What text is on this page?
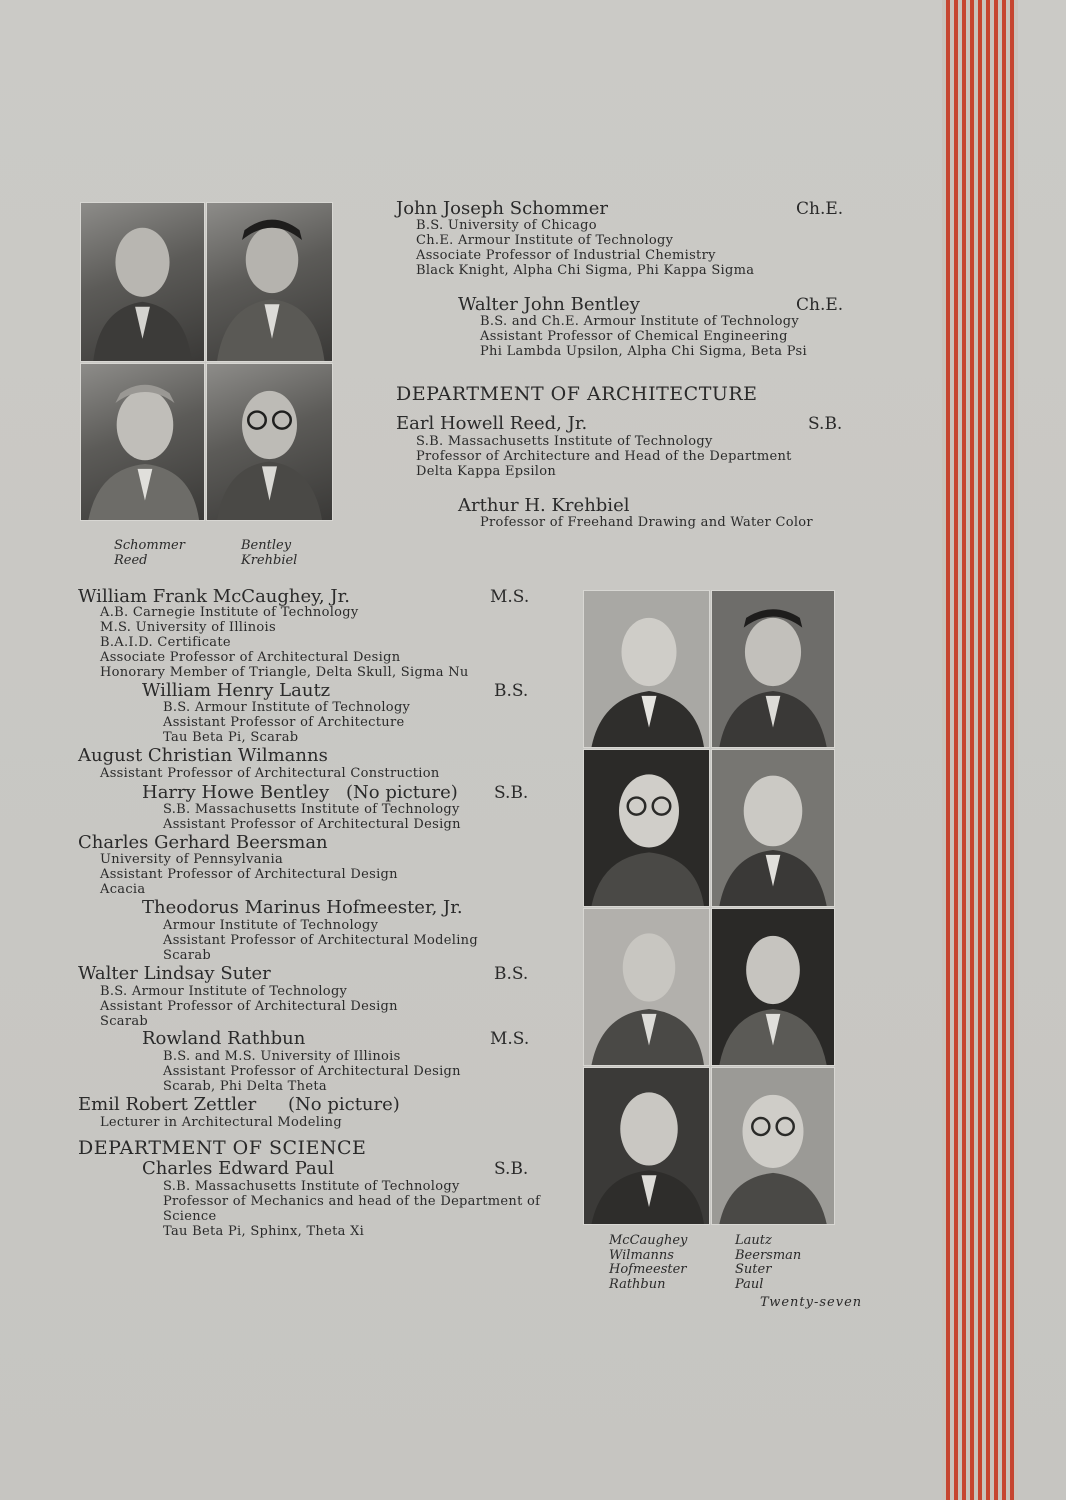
Schommer
Reed
Bentley
Krehbiel
John Joseph Schommer	Ch.E.
B.S. University of Chicago
Ch.E. Armour Institute of Technology
Associate Professor of Industrial Chemistry
Black Knight, Alpha Chi Sigma, Phi Kappa Sigma
Walter John Bentley	Ch.E.
B.S. and Ch.E. Armour Institute of Technology
Assistant Professor of Chemical Engineering
Phi Lambda Upsilon, Alpha Chi Sigma, Beta Psi
DEPARTMENT OF ARCHITECTURE
Earl Howell Reed, Jr.	S.B.
S.B. Massachusetts Institute of Technology
Professor of Architecture and Head of the Department
Delta Kappa Epsilon
Arthur H. Krehbiel
Professor of Freehand Drawing and Water Color
William Frank McCaughey, Jr.	M.S.
A.B. Carnegie Institute of Technology
M.S. University of Illinois
B.A.I.D. Certificate
Associate Professor of Architectural Design
Honorary Member of Triangle, Delta Skull, Sigma Nu
William Henry Lautz	B.S.
B.S. Armour Institute of Technology
Assistant Professor of Architecture
Tau Beta Pi, Scarab
August Christian Wilmanns
Assistant Professor of Architectural Construction
Harry Howe Bentley (No picture) S.B.
S.B. Massachusetts Institute of Technology
Assistant Professor of Architectural Design
Charles Gerhard Beersman
University of Pennsylvania
Assistant Professor of Architectural Design
Acacia
Theodorus Marinus Hofmeester, Jr.
Armour Institute of Technology
Assistant Professor of Architectural Modeling
Scarab
Walter Lindsay Suter	B.S.
B.S. Armour Institute of Technology
Assistant Professor of Architectural Design
Scarab
Rowland Rathbun	M.S.
B.S. and M.S. University of Illinois
Assistant Professor of Architectural Design
Scarab, Phi Delta Theta
Emil Robert Zettler (No picture)
Lecturer in Architectural Modeling
DEPARTMENT OF SCIENCE
Charles Edward Paul	S.B.
S.B. Massachusetts Institute of Technology
Professor of Mechanics and head of the Department of
Science
Tau Beta Pi, Sphinx, Theta Xi
McCaughey
Wilmanns
Hofmeester
Rathbun
Lautz
Beersman
Suter
Paul
Twenty-seven
